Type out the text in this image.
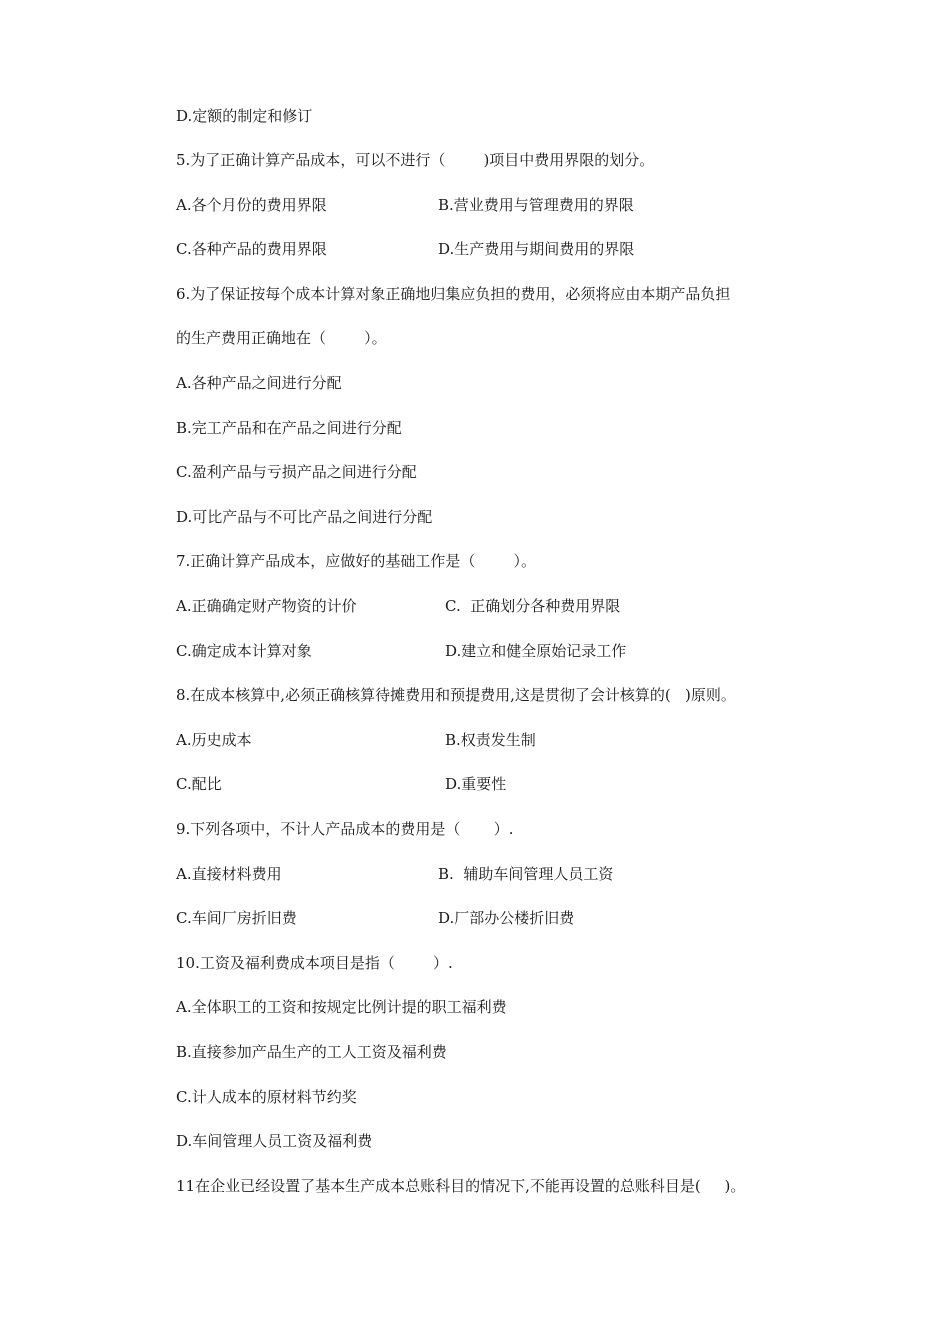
D.定额的制定和修订
5.为了正确计算产品成本，可以不进行（        )项目中费用界限的划分。
A.各个月份的费用界限	B.营业费用与管理费用的界限
C.各种产品的费用界限	D.生产费用与期间费用的界限
6.为了保证按每个成本计算对象正确地归集应负担的费用，必须将应由本期产品负担
的生产费用正确地在（        ）。
A.各种产品之间进行分配
B.完工产品和在产品之间进行分配
C.盈利产品与亏损产品之间进行分配
D.可比产品与不可比产品之间进行分配
7.正确计算产品成本，应做好的基础工作是（        ）。
A.正确确定财产物资的计价	C.  正确划分各种费用界限
C.确定成本计算对象	D.建立和健全原始记录工作
8.在成本核算中,必须正确核算待摊费用和预提费用,这是贯彻了会计核算的(   )原则。
A.历史成本	B.权责发生制
C.配比	D.重要性
9.下列各项中，不计人产品成本的费用是（       ）.
A.直接材料费用	B.  辅助车间管理人员工资
C.车间厂房折旧费	D.厂部办公楼折旧费
10.工资及福利费成本项目是指（        ）.
A.全体职工的工资和按规定比例计提的职工福利费
B.直接参加产品生产的工人工资及福利费
C.计人成本的原材料节约奖
D.车间管理人员工资及福利费
11在企业已经设置了基本生产成本总账科目的情况下,不能再设置的总账科目是(     )。
